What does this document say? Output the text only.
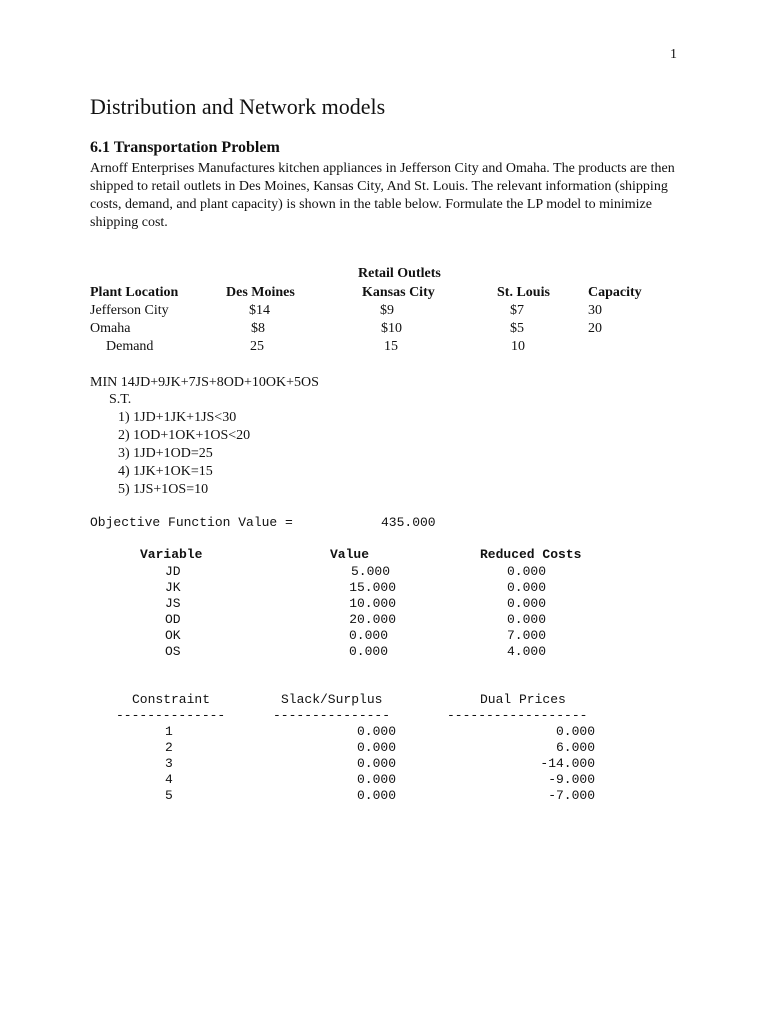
1
Distribution and Network models
6.1 Transportation Problem
Arnoff Enterprises Manufactures kitchen appliances in Jefferson City and Omaha. The products are then shipped to retail outlets in Des Moines, Kansas City, And St. Louis. The relevant information (shipping costs, demand, and plant capacity) is shown in the table below. Formulate the LP model to minimize shipping cost.
Retail Outlets
Plant Location	Des Moines	Kansas City	St. Louis	Capacity
Jefferson City	$14	$9	$7	30
Omaha	$8	$10	$5	20
Demand	25	15	10
MIN 14JD+9JK+7JS+8OD+10OK+5OS
S.T.
1) 1JD+1JK+1JS<30
2) 1OD+1OK+1OS<20
3) 1JD+1OD=25
4) 1JK+1OK=15
5) 1JS+1OS=10
Objective Function Value =	435.000
Variable	Value	Reduced Costs
JD	5.000	0.000
JK	15.000	0.000
JS	10.000	0.000
OD	20.000	0.000
OK	0.000	7.000
OS	0.000	4.000
Constraint	Slack/Surplus	Dual Prices
--------------	---------------	------------------
1	0.000	0.000
2	0.000	6.000
3	0.000	-14.000
4	0.000	-9.000
5	0.000	-7.000
